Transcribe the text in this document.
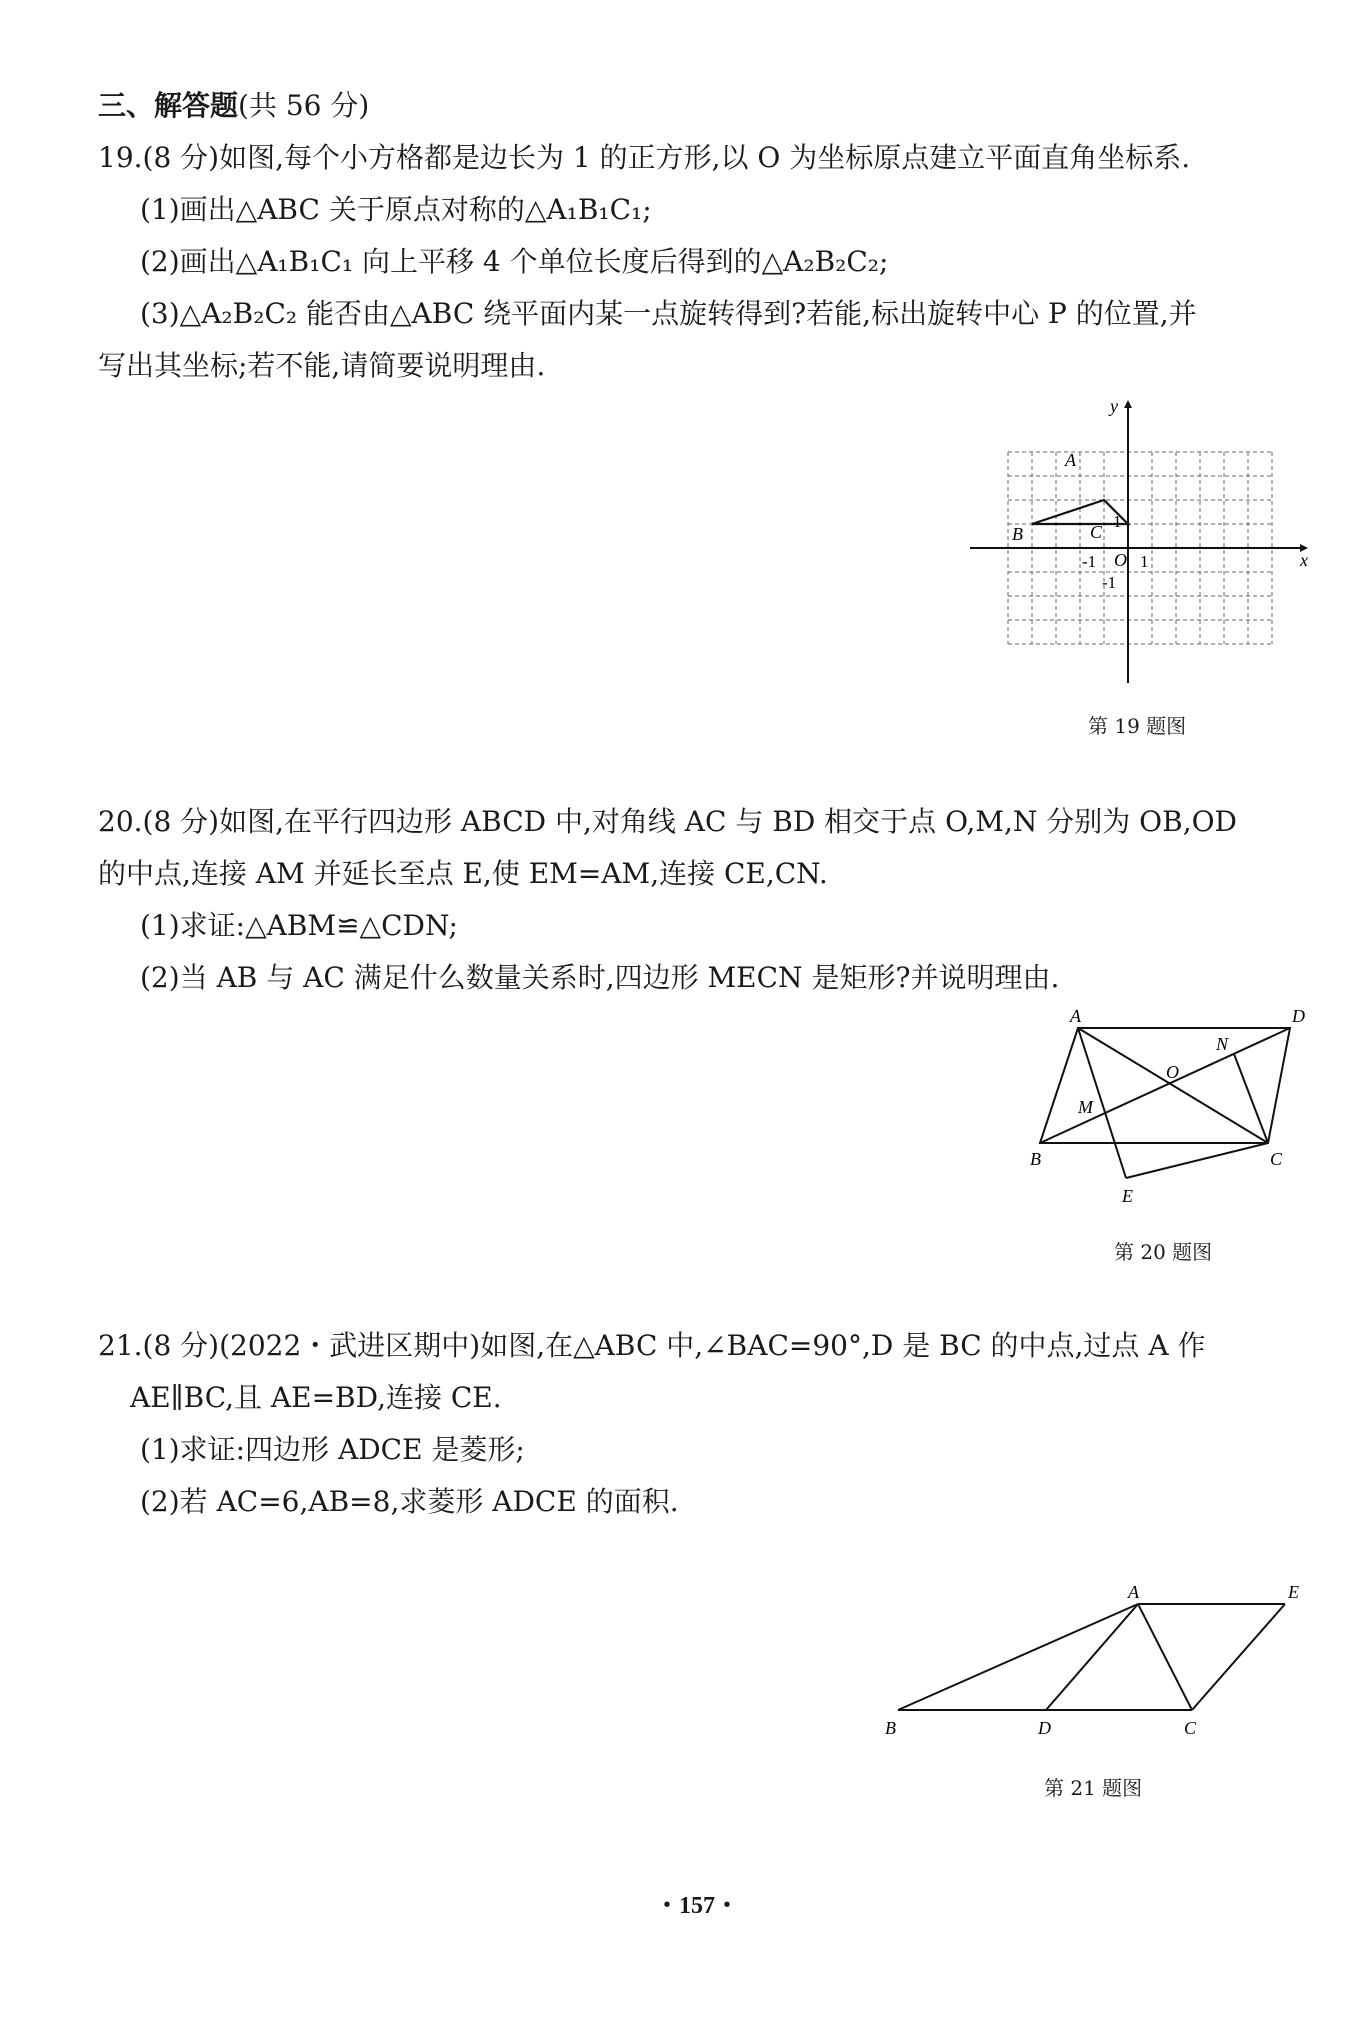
三、解答题(共 56 分)
19.(8 分)如图,每个小方格都是边长为 1 的正方形,以 O 为坐标原点建立平面直角坐标系.
(1)画出△ABC 关于原点对称的△A₁B₁C₁;
(2)画出△A₁B₁C₁ 向上平移 4 个单位长度后得到的△A₂B₂C₂;
(3)△A₂B₂C₂ 能否由△ABC 绕平面内某一点旋转得到?若能,标出旋转中心 P 的位置,并
写出其坐标;若不能,请简要说明理由.
x
y
O
-1	1
1
-1
A
B	C
第 19 题图
20.(8 分)如图,在平行四边形 ABCD 中,对角线 AC 与 BD 相交于点 O,M,N 分别为 OB,OD
的中点,连接 AM 并延长至点 E,使 EM=AM,连接 CE,CN.
(1)求证:△ABM≌△CDN;
(2)当 AB 与 AC 满足什么数量关系时,四边形 MECN 是矩形?并说明理由.
A	D
B	C
O
M
N
E
第 20 题图
21.(8 分)(2022・武进区期中)如图,在△ABC 中,∠BAC=90°,D 是 BC 的中点,过点 A 作
AE∥BC,且 AE=BD,连接 CE.
(1)求证:四边形 ADCE 是菱形;
(2)若 AC=6,AB=8,求菱形 ADCE 的面积.
A	E
B	D	C
第 21 题图
・157・
